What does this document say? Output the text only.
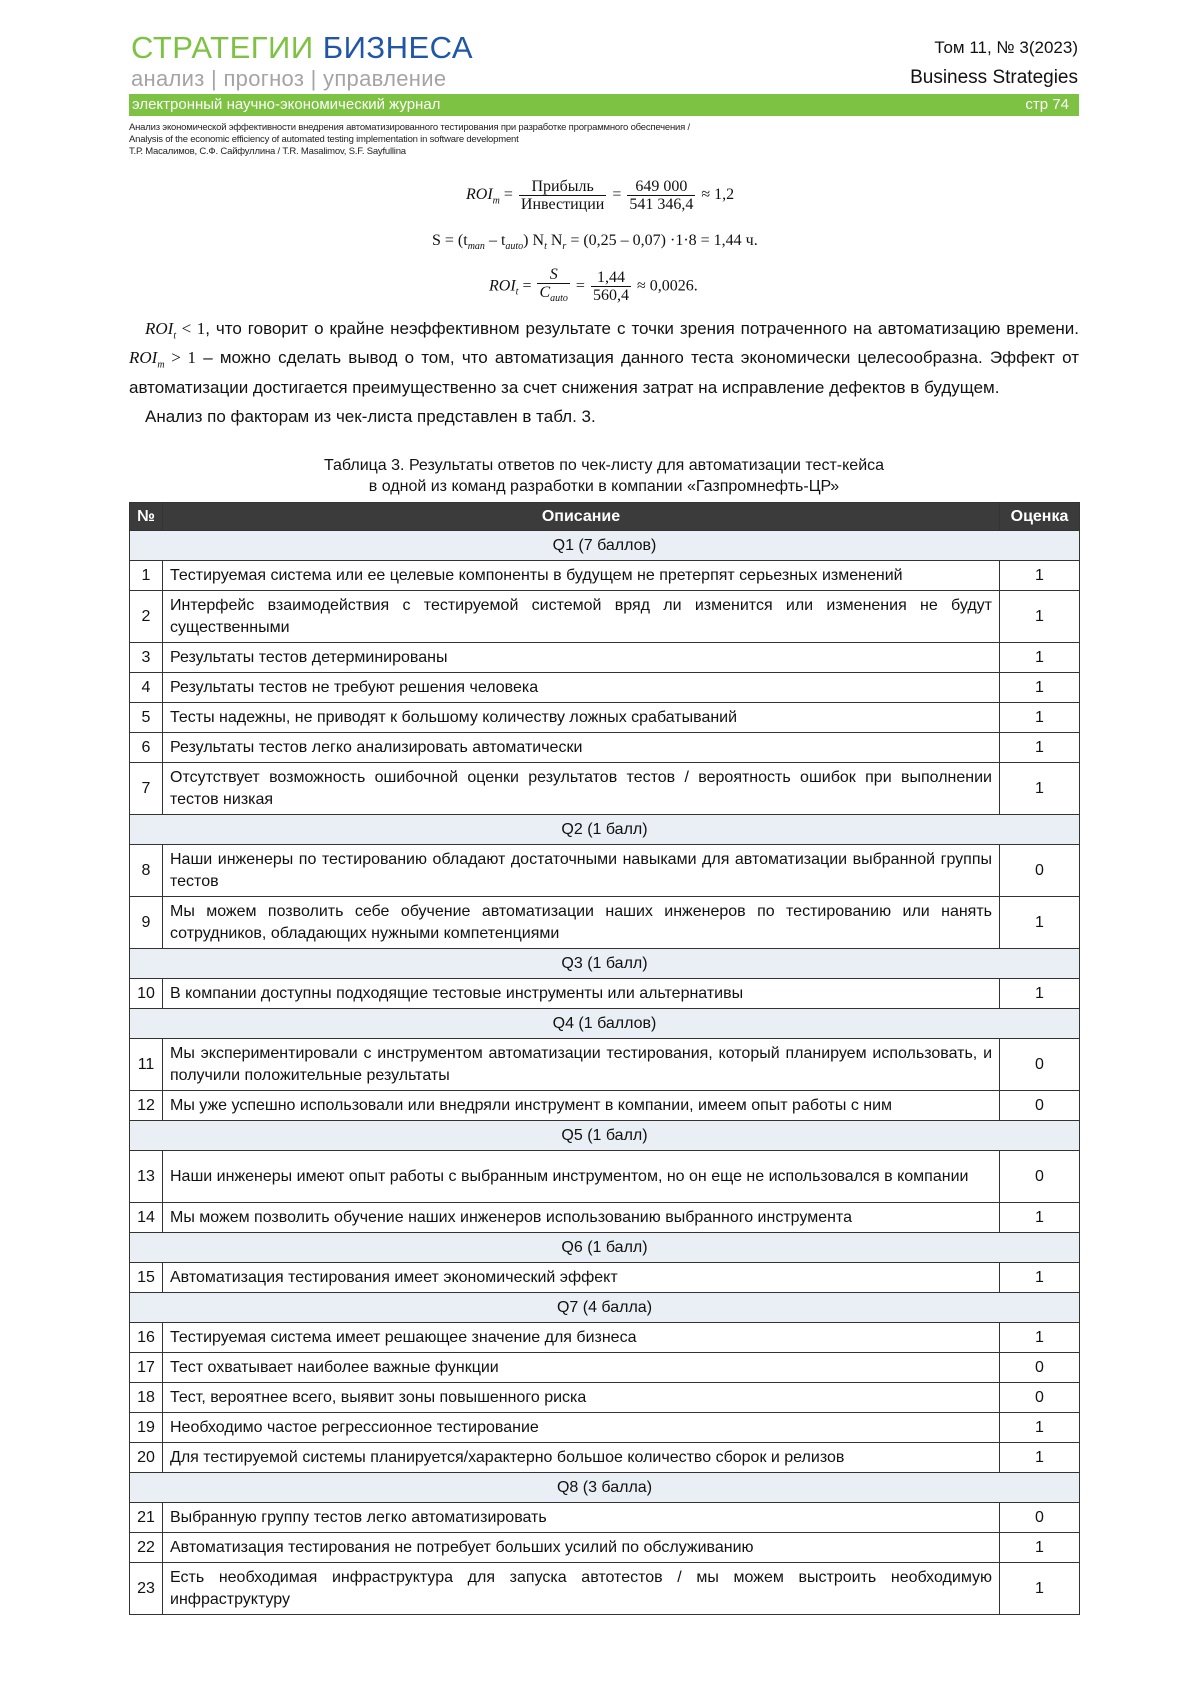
СТРАТЕГИИ БИЗНЕСА
анализ | прогноз | управление
Том 11, № 3(2023)
Business Strategies
электронный научно-экономический журнал	стр 74
Анализ экономической эффективности внедрения автоматизированного тестирования при разработке программного обеспечения /
Analysis of the economic efficiency of automated testing implementation in software development
Т.Р. Масалимов, С.Ф. Сайфуллина / T.R. Masalimov, S.F. Sayfullina
$ROI_m = \frac{\text{Прибыль}}{\text{Инвестиции}} = \frac{649 000}{541 346,4} \approx 1,2$
$S = (t_{man} - t_{auto})$ $N_t$ $N_r = (0,25 - 0,07) \cdot 1\cdot 8 = 1,44$ ч.
$ROI_t = \frac{S}{C_{auto}} = \frac{1,44}{560,4} \approx 0,0026$.
$ROI_t < 1$, что говорит о крайне неэффективном результате с точки зрения потраченного на автоматизацию времени. $ROI_m > 1$ – можно сделать вывод о том, что автоматизация данного теста экономически целесообразна. Эффект от автоматизации достигается преимущественно за счет снижения затрат на исправление дефектов в будущем.
Анализ по факторам из чек-листа представлен в табл. 3.
Таблица 3. Результаты ответов по чек-листу для автоматизации тест-кейса
в одной из команд разработки в компании «Газпромнефть-ЦР»
№	Описание	Оценка
Q1 (7 баллов)		
1	Тестируемая система или ее целевые компоненты в будущем не претерпят серьезных изменений	1
2	Интерфейс взаимодействия с тестируемой системой вряд ли изменится или изменения не будут существенными	1
3	Результаты тестов детерминированы	1
4	Результаты тестов не требуют решения человека	1
5	Тесты надежны, не приводят к большому количеству ложных срабатываний	1
6	Результаты тестов легко анализировать автоматически	1
7	Отсутствует возможность ошибочной оценки результатов тестов / вероятность ошибок при выполнении тестов низкая	1
Q2 (1 балл)		
8	Наши инженеры по тестированию обладают достаточными навыками для автоматизации выбранной группы тестов	0
9	Мы можем позволить себе обучение автоматизации наших инженеров по тестированию или нанять сотрудников, обладающих нужными компетенциями	1
Q3 (1 балл)		
10	В компании доступны подходящие тестовые инструменты или альтернативы	1
Q4 (1 баллов)		
11	Мы экспериментировали с инструментом автоматизации тестирования, который планируем использовать, и получили положительные результаты	0
12	Мы уже успешно использовали или внедряли инструмент в компании, имеем опыт работы с ним	0
Q5 (1 балл)		
13	Наши инженеры имеют опыт работы с выбранным инструментом, но он еще не использовался в компании	0
14	Мы можем позволить обучение наших инженеров использованию выбранного инструмента	1
Q6 (1 балл)		
15	Автоматизация тестирования имеет экономический эффект	1
Q7 (4 балла)		
16	Тестируемая система имеет решающее значение для бизнеса	1
17	Тест охватывает наиболее важные функции	0
18	Тест, вероятнее всего, выявит зоны повышенного риска	0
19	Необходимо частое регрессионное тестирование	1
20	Для тестируемой системы планируется/характерно большое количество сборок и релизов	1
Q8 (3 балла)		
21	Выбранную группу тестов легко автоматизировать	0
22	Автоматизация тестирования не потребует больших усилий по обслуживанию	1
23	Есть необходимая инфраструктура для запуска автотестов / мы можем выстроить необходимую инфраструктуру	1
